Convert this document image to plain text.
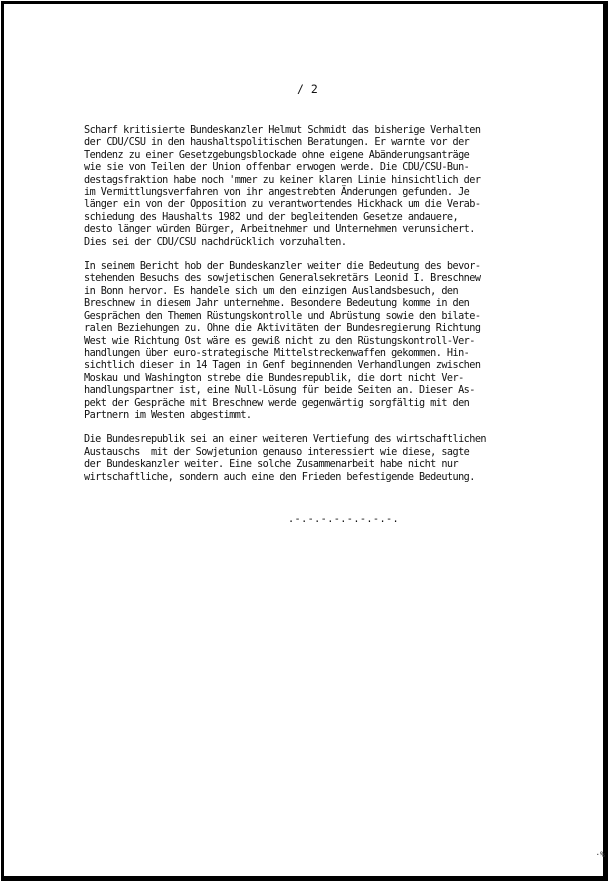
/ 2
Scharf kritisierte Bundeskanzler Helmut Schmidt das bisherige Verhalten
der CDU/CSU in den haushaltspolitischen Beratungen. Er warnte vor der
Tendenz zu einer Gesetzgebungsblockade ohne eigene Abänderungsanträge
wie sie von Teilen der Union offenbar erwogen werde. Die CDU/CSU-Bun-
destagsfraktion habe noch 'mmer zu keiner klaren Linie hinsichtlich der
im Vermittlungsverfahren von ihr angestrebten Änderungen gefunden. Je
länger ein von der Opposition zu verantwortendes Hickhack um die Verab-
schiedung des Haushalts 1982 und der begleitenden Gesetze andauere,
desto länger würden Bürger, Arbeitnehmer und Unternehmen verunsichert.
Dies sei der CDU/CSU nachdrücklich vorzuhalten.
In seinem Bericht hob der Bundeskanzler weiter die Bedeutung des bevor-
stehenden Besuchs des sowjetischen Generalsekretärs Leonid I. Breschnew
in Bonn hervor. Es handele sich um den einzigen Auslandsbesuch, den
Breschnew in diesem Jahr unternehme. Besondere Bedeutung komme in den
Gesprächen den Themen Rüstungskontrolle und Abrüstung sowie den bilate-
ralen Beziehungen zu. Ohne die Aktivitäten der Bundesregierung Richtung
West wie Richtung Ost wäre es gewiß nicht zu den Rüstungskontroll-Ver-
handlungen über euro-strategische Mittelstreckenwaffen gekommen. Hin-
sichtlich dieser in 14 Tagen in Genf beginnenden Verhandlungen zwischen
Moskau und Washington strebe die Bundesrepublik, die dort nicht Ver-
handlungspartner ist, eine Null-Lösung für beide Seiten an. Dieser As-
pekt der Gespräche mit Breschnew werde gegenwärtig sorgfältig mit den
Partnern im Westen abgestimmt.
Die Bundesrepublik sei an einer weiteren Vertiefung des wirtschaftlichen
Austauschs  mit der Sowjetunion genauso interessiert wie diese, sagte
der Bundeskanzler weiter. Eine solche Zusammenarbeit habe nicht nur
wirtschaftliche, sondern auch eine den Frieden befestigende Bedeutung.
.-.-.-.-.-.-.-.-.
·%
